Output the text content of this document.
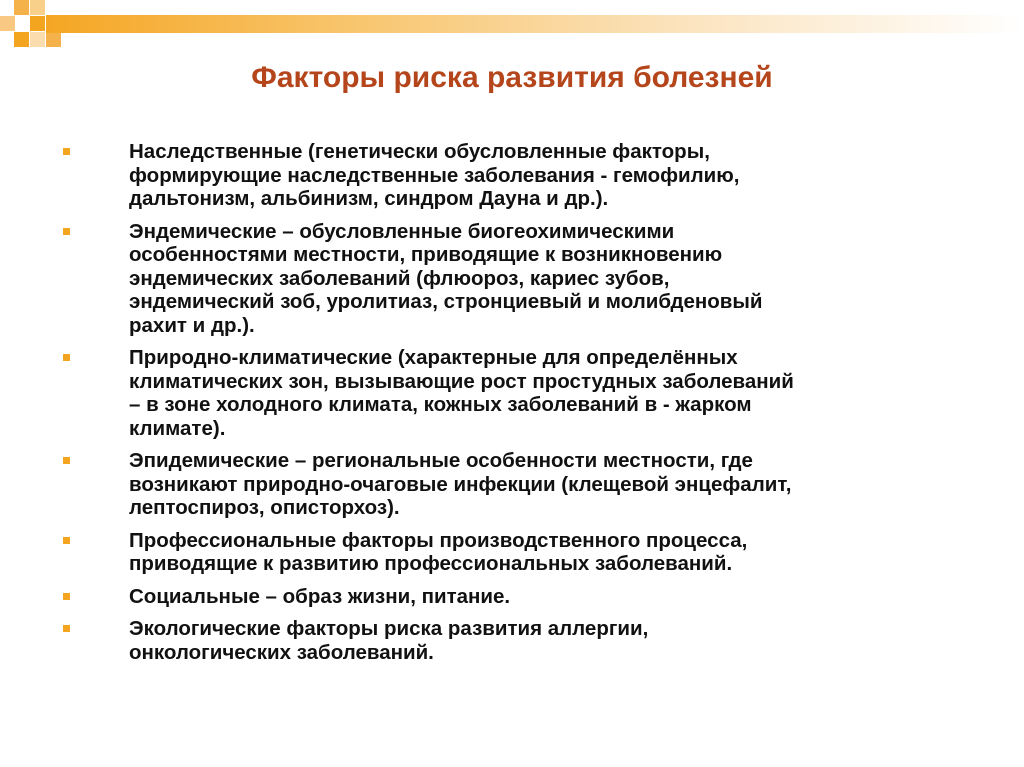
Факторы риска развития болезней
Наследственные (генетически обусловленные факторы,
формирующие наследственные заболевания - гемофилию,
дальтонизм, альбинизм, синдром Дауна и др.).
Эндемические – обусловленные биогеохимическими
особенностями местности, приводящие к возникновению
эндемических заболеваний (флюороз, кариес зубов,
эндемический зоб, уролитиаз, стронциевый и молибденовый
рахит и др.).
Природно-климатические (характерные для определённых
климатических зон, вызывающие рост простудных заболеваний
– в зоне холодного климата, кожных заболеваний в - жарком
климате).
Эпидемические – региональные особенности местности, где
возникают природно-очаговые инфекции (клещевой энцефалит,
лептоспироз, описторхоз).
Профессиональные факторы производственного процесса,
приводящие к развитию профессиональных заболеваний.
Социальные – образ жизни, питание.
Экологические факторы риска развития аллергии,
онкологических заболеваний.
